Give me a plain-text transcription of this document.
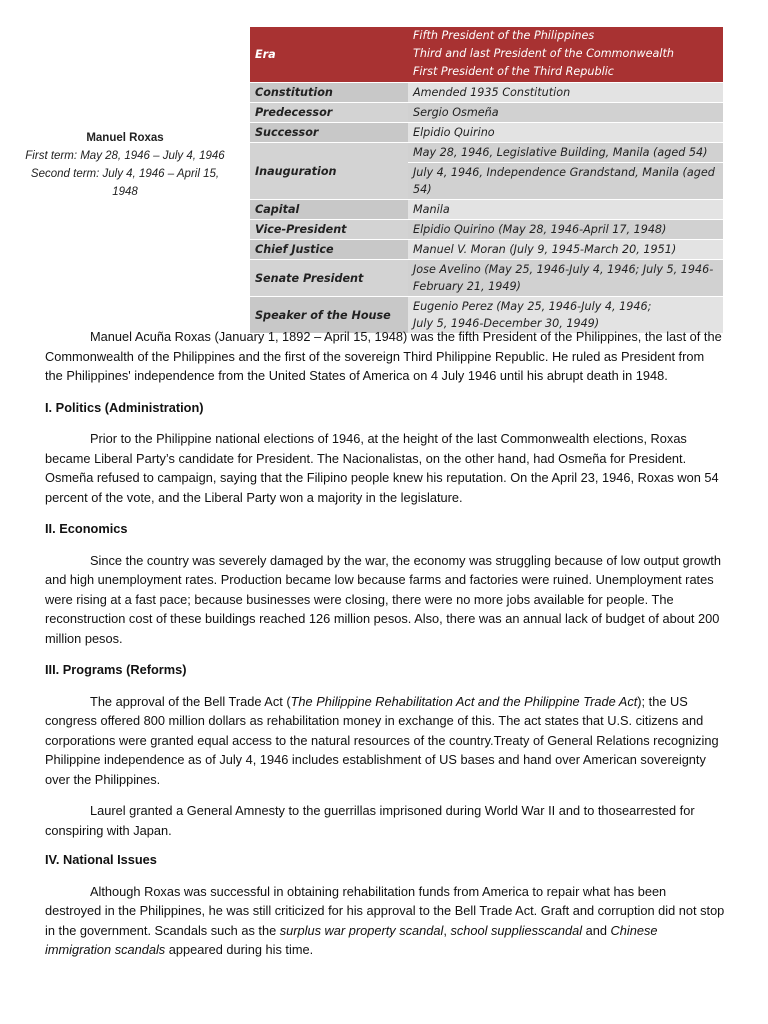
Manuel Roxas
First term: May 28, 1946 – July 4, 1946
Second term: July 4, 1946 – April 15, 1948
Era	Fifth President of the Philippines
Third and last President of the Commonwealth
First President of the Third Republic

Constitution	Amended 1935 Constitution
Predecessor	Sergio Osmeña
Successor	Elpidio Quirino
Inauguration	May 28, 1946, Legislative Building, Manila (aged 54)
	July 4, 1946, Independence Grandstand, Manila (aged 54)
Capital	Manila
Vice-President	Elpidio Quirino (May 28, 1946-April 17, 1948)
Chief Justice	Manuel V. Moran (July 9, 1945-March 20, 1951)
Senate President	Jose Avelino (May 25, 1946-July 4, 1946; July 5, 1946-February 21, 1949)
Speaker of the House	Eugenio Perez (May 25, 1946-July 4, 1946;
July 5, 1946-December 30, 1949)

Manuel Acuña Roxas (January 1, 1892 – April 15, 1948) was the fifth President of the Philippines, the last of the Commonwealth of the Philippines and the first of the sovereign Third Philippine Republic. He ruled as President from the Philippines' independence from the United States of America on 4 July 1946 until his abrupt death in 1948.

I. Politics (Administration)

Prior to the Philippine national elections of 1946, at the height of the last Commonwealth elections, Roxas became Liberal Party’s candidate for President. The Nacionalistas, on the other hand, had Osmeña for President. Osmeña refused to campaign, saying that the Filipino people knew his reputation. On the April 23, 1946, Roxas won 54 percent of the vote, and the Liberal Party won a majority in the legislature.

II. Economics

Since the country was severely damaged by the war, the economy was struggling because of low output growth and high unemployment rates. Production became low because farms and factories were ruined. Unemployment rates were rising at a fast pace; because businesses were closing, there were no more jobs available for people. The reconstruction cost of these buildings reached 126 million pesos. Also, there was an annual lack of budget of about 200 million pesos.

III. Programs (Reforms)

The approval of the Bell Trade Act (The Philippine Rehabilitation Act and the Philippine Trade Act); the US congress offered 800 million dollars as rehabilitation money in exchange of this. The act states that U.S. citizens and corporations were granted equal access to the natural resources of the country.Treaty of General Relations recognizing Philippine independence as of July 4, 1946 includes establishment of US bases and hand over American sovereignty over the Philippines.

Laurel granted a General Amnesty to the guerrillas imprisoned during World War II and to thosearrested for conspiring with Japan.

IV. National Issues

Although Roxas was successful in obtaining rehabilitation funds from America to repair what has been destroyed in the Philippines, he was still criticized for his approval to the Bell Trade Act. Graft and corruption did not stop in the government. Scandals such as the surplus war property scandal, school suppliesscandal and Chinese immigration scandals appeared during his time.
